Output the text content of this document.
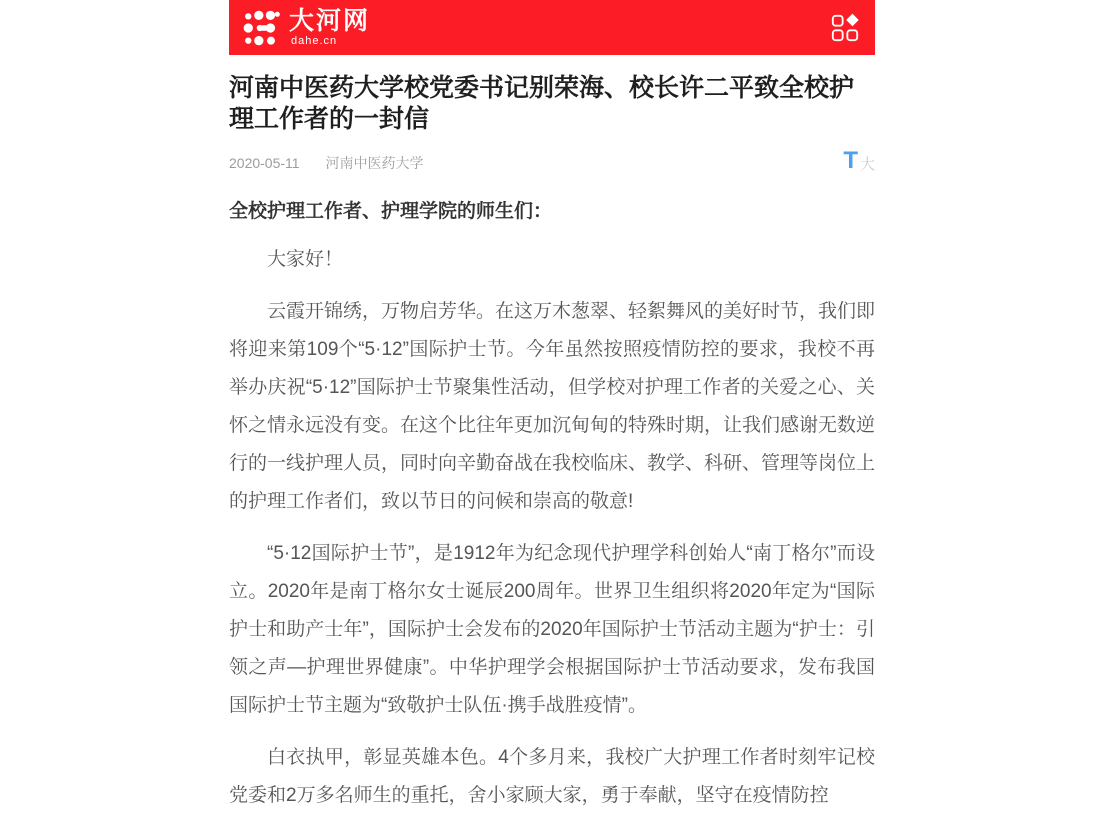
大河网
dahe.cn
河南中医药大学校党委书记别荣海、校长许二平致全校护理工作者的一封信
2020-05-11 河南中医药大学	T 大

全校护理工作者、护理学院的师生们：

大家好！

云霞开锦绣，万物启芳华。在这万木葱翠、轻絮舞风的美好时节，我们即将迎来第109个“5·12”国际护士节。今年虽然按照疫情防控的要求，我校不再举办庆祝“5·12”国际护士节聚集性活动，但学校对护理工作者的关爱之心、关怀之情永远没有变。在这个比往年更加沉甸甸的特殊时期，让我们感谢无数逆行的一线护理人员，同时向辛勤奋战在我校临床、教学、科研、管理等岗位上的护理工作者们，致以节日的问候和崇高的敬意!

“5·12国际护士节”，是1912年为纪念现代护理学科创始人“南丁格尔”而设立。2020年是南丁格尔女士诞辰200周年。世界卫生组织将2020年定为“国际护士和助产士年”，国际护士会发布的2020年国际护士节活动主题为“护士：引领之声—护理世界健康”。中华护理学会根据国际护士节活动要求，发布我国国际护士节主题为“致敬护士队伍·携手战胜疫情”。

白衣执甲，彰显英雄本色。4个多月来，我校广大护理工作者时刻牢记校党委和2万多名师生的重托，舍小家顾大家，勇于奉献，坚守在疫情防控
